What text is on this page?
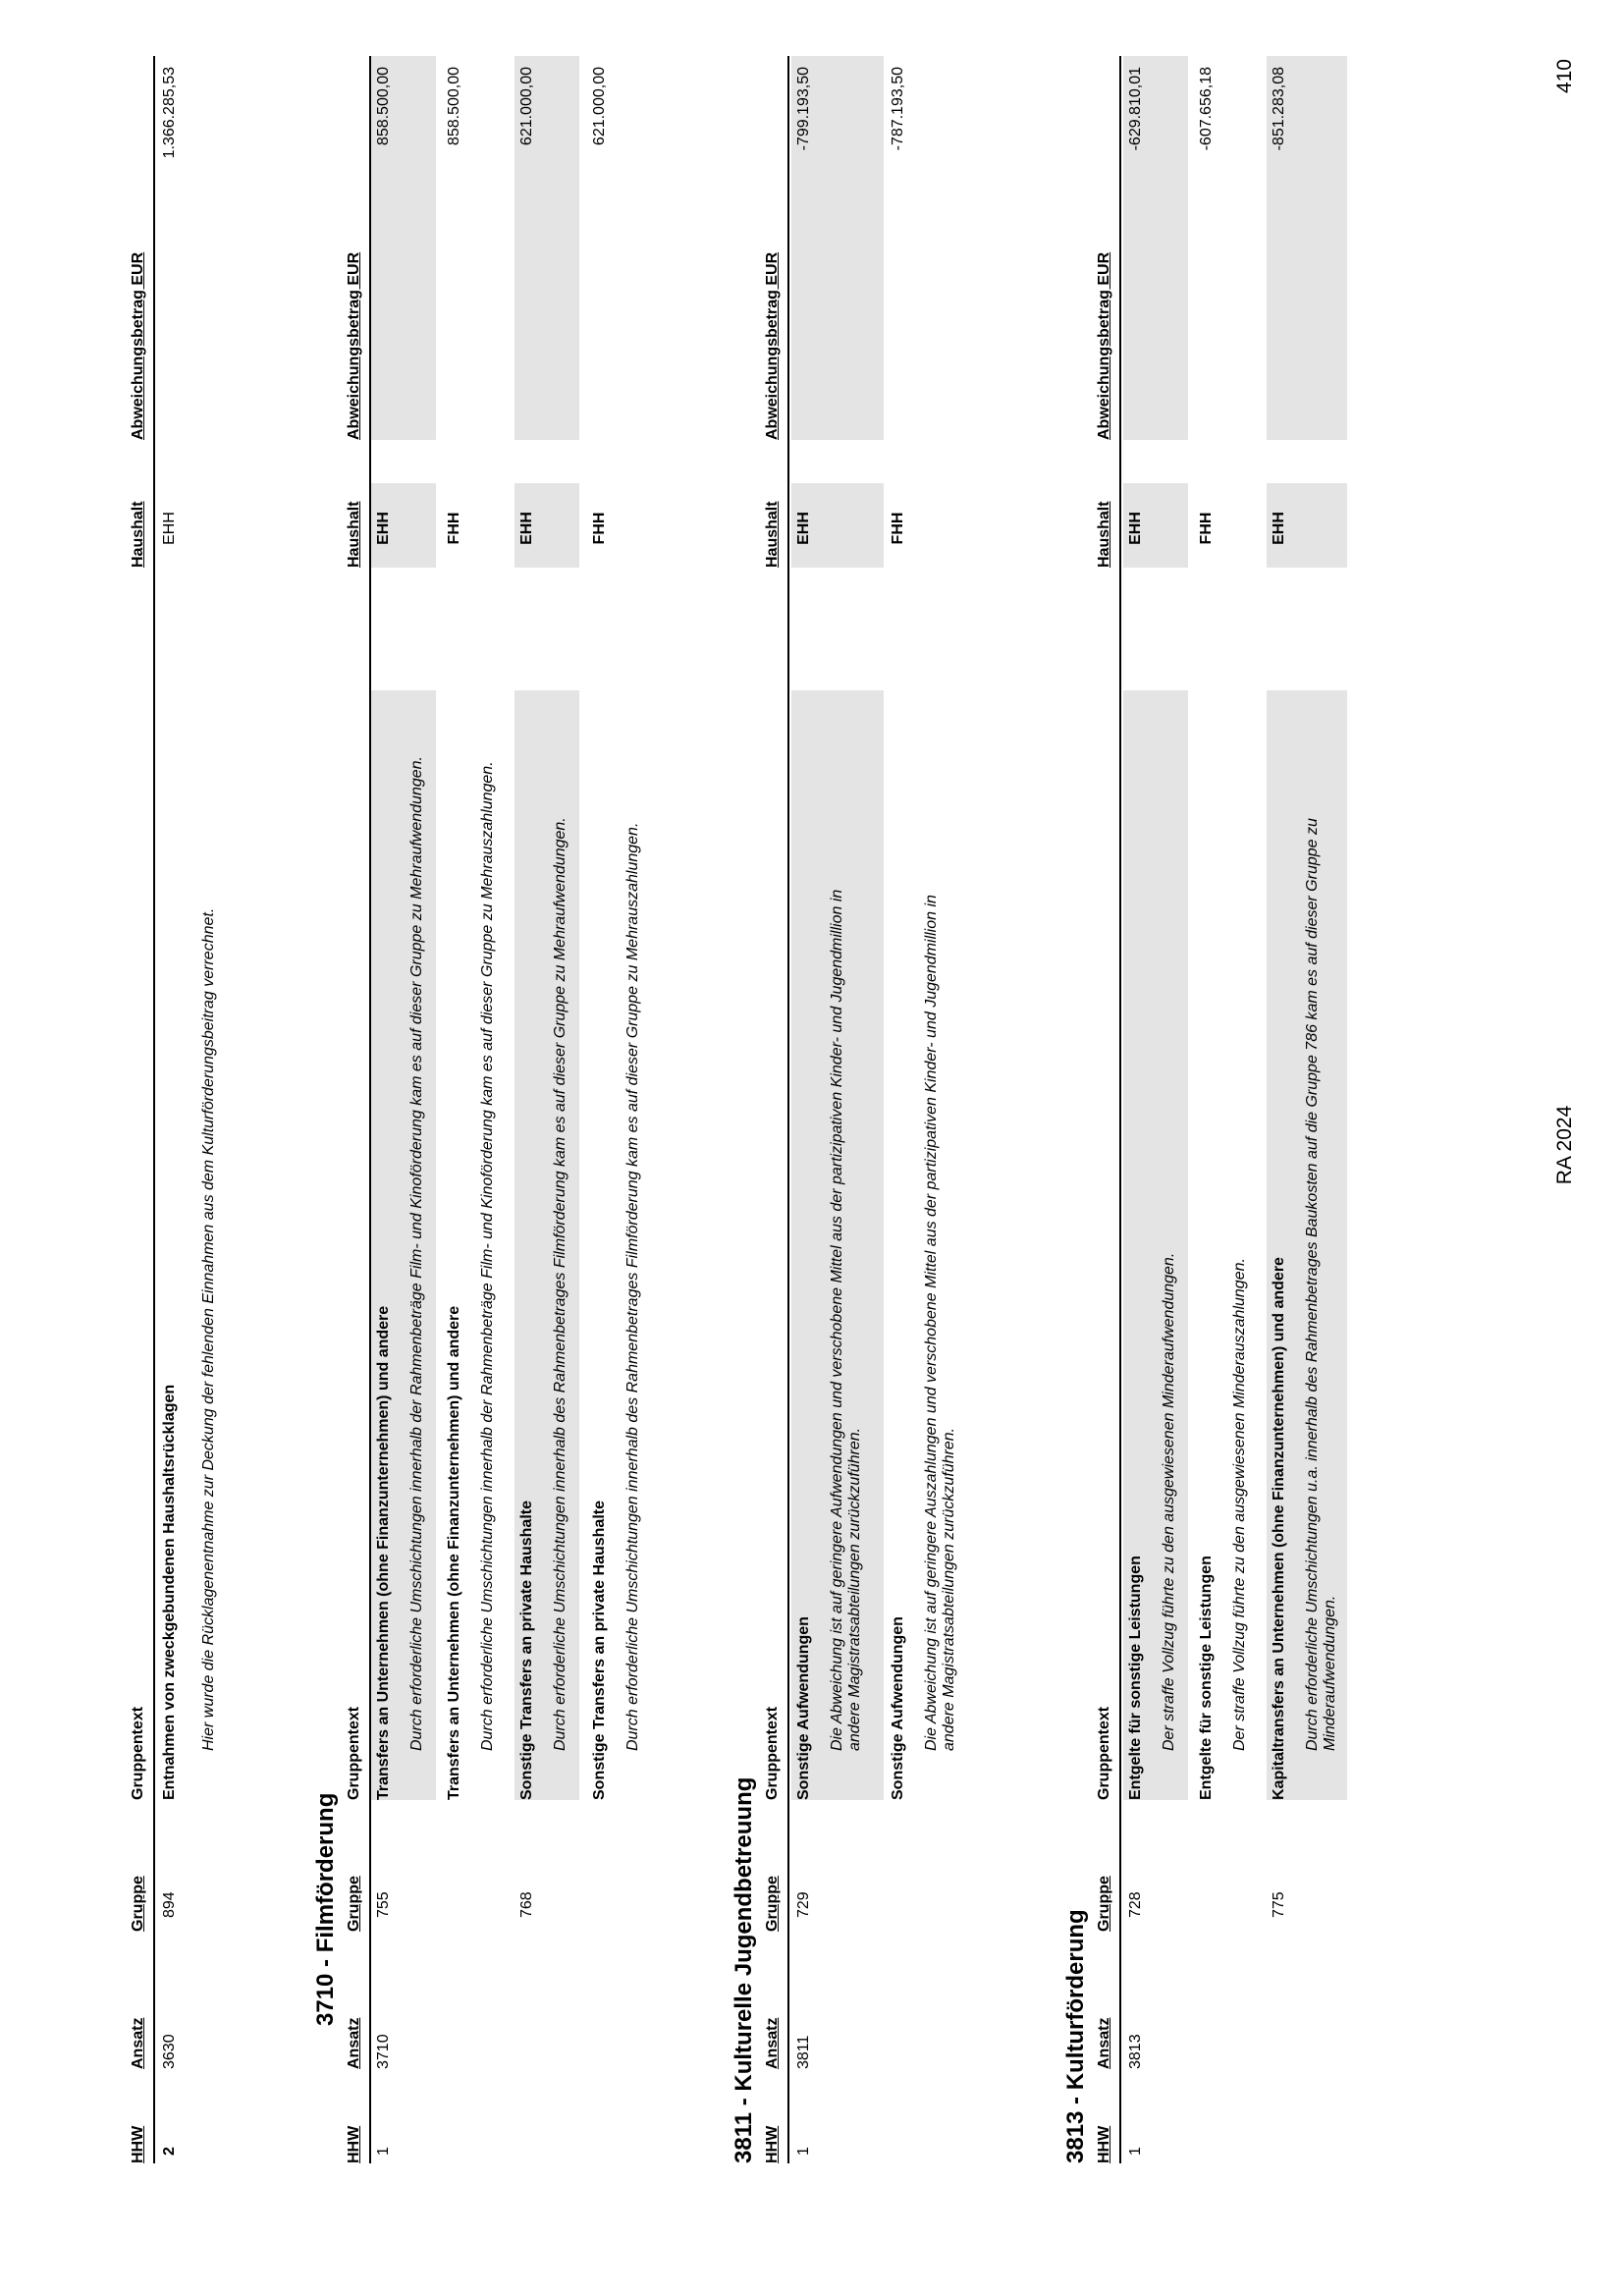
HHW
Ansatz
Gruppe
Gruppentext
Haushalt
Abweichungsbetrag EUR
2
3630
894
Entnahmen von zweckgebundenen Haushaltsrücklagen
EHH
1.366.285,53
Hier wurde die Rücklagenentnahme zur Deckung der fehlenden Einnahmen aus dem Kulturförderungsbeitrag verrechnet.
3710 - Filmförderung
HHW
Ansatz
Gruppe
Gruppentext
Haushalt
Abweichungsbetrag EUR
1
3710
755
Transfers an Unternehmen (ohne Finanzunternehmen) und andere
EHH
858.500,00
Durch erforderliche Umschichtungen innerhalb der Rahmenbeträge Film- und Kinoförderung kam es auf dieser Gruppe zu Mehraufwendungen. Transfers an Unternehmen (ohne Finanzunternehmen) und andere
FHH
858.500,00
Durch erforderliche Umschichtungen innerhalb der Rahmenbeträge Film- und Kinoförderung kam es auf dieser Gruppe zu Mehrauszahlungen.
768
Sonstige Transfers an private Haushalte
EHH
621.000,00
Durch erforderliche Umschichtungen innerhalb des Rahmenbetrages Filmförderung kam es auf dieser Gruppe zu Mehraufwendungen. Sonstige Transfers an private Haushalte
FHH
621.000,00
Durch erforderliche Umschichtungen innerhalb des Rahmenbetrages Filmförderung kam es auf dieser Gruppe zu Mehrauszahlungen.
3811 - Kulturelle Jugendbetreuung HHW
Ansatz
Gruppe
Gruppentext
Haushalt
Abweichungsbetrag EUR
1
3811
729
Sonstige Aufwendungen
EHH
-799.193,50
Die Abweichung ist auf geringere Aufwendungen und verschobene Mittel aus der partizipativen Kinder- und Jugendmillion in andere Magistratsabteilungen zurückzuführen. Sonstige Aufwendungen
FHH
-787.193,50
Die Abweichung ist auf geringere Auszahlungen und verschobene Mittel aus der partizipativen Kinder- und Jugendmillion in andere Magistratsabteilungen zurückzuführen.
3813 - Kulturförderung HHW
Ansatz
Gruppe
Gruppentext
Haushalt
Abweichungsbetrag EUR
1
3813
728
Entgelte für sonstige Leistungen
EHH
-629.810,01
Der straffe Vollzug führte zu den ausgewiesenen Minderaufwendungen. Entgelte für sonstige Leistungen
FHH
-607.656,18
Der straffe Vollzug führte zu den ausgewiesenen Minderauszahlungen.
775
Kapitaltransfers an Unternehmen (ohne Finanzunternehmen) und andere
EHH
-851.283,08
Durch erforderliche Umschichtungen u.a. innerhalb des Rahmenbetrages Baukosten auf die Gruppe 786 kam es auf dieser Gruppe zu Minderaufwendungen.
RA 2024
410
